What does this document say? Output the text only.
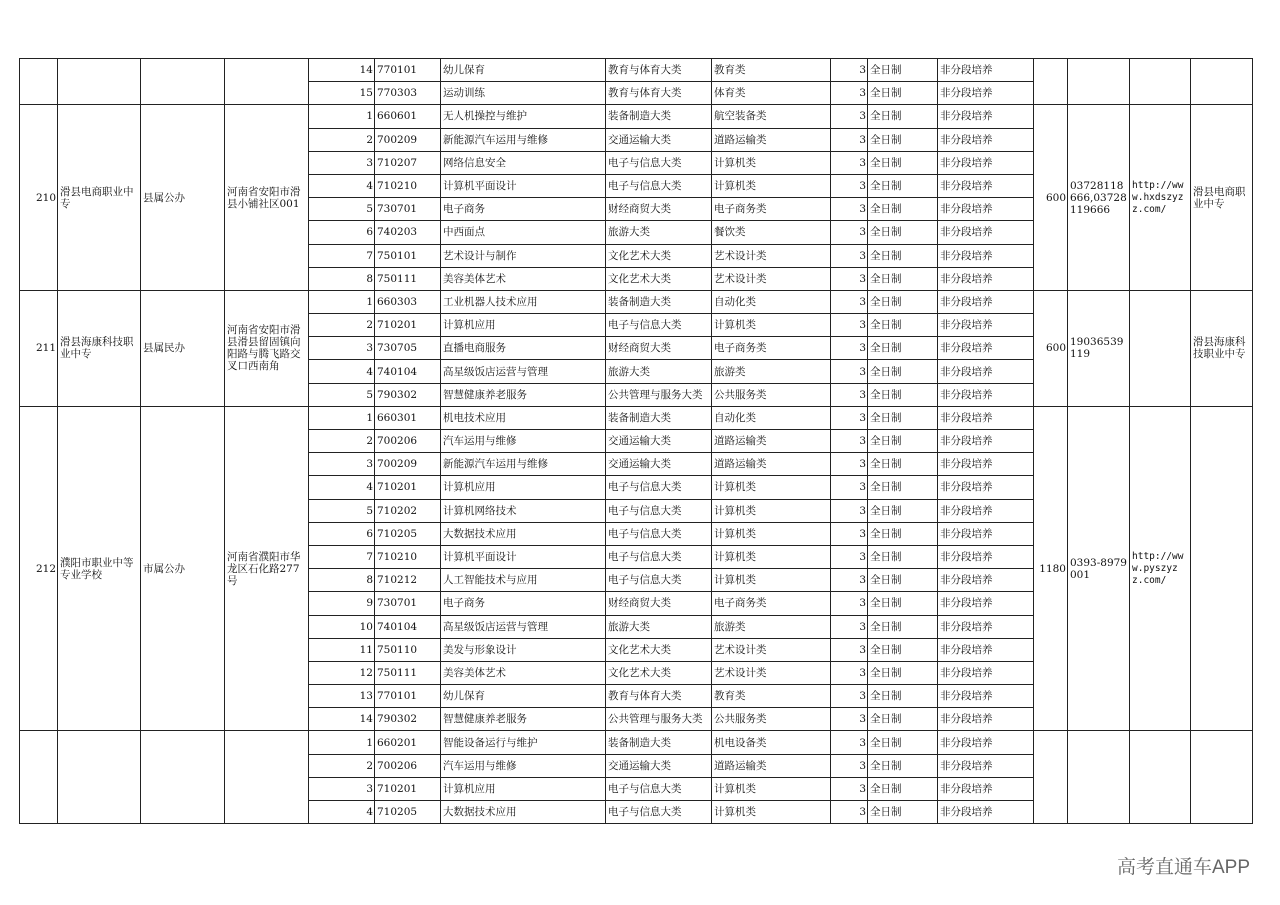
				14	770101	幼儿保育	教育与体育大类	教育类	3	全日制	非分段培养				
				15	770303	运动训练	教育与体育大类	体育类	3	全日制	非分段培养				
210	滑县电商职业中专	县属公办	河南省安阳市滑县小铺社区001	1	660601	无人机操控与维护	装备制造大类	航空装备类	3	全日制	非分段培养	600	03728118666,03728119666	http://www.hxdszyzz.com/	滑县电商职业中专
				2	700209	新能源汽车运用与维修	交通运输大类	道路运输类	3	全日制	非分段培养				
				3	710207	网络信息安全	电子与信息大类	计算机类	3	全日制	非分段培养				
				4	710210	计算机平面设计	电子与信息大类	计算机类	3	全日制	非分段培养				
				5	730701	电子商务	财经商贸大类	电子商务类	3	全日制	非分段培养				
				6	740203	中西面点	旅游大类	餐饮类	3	全日制	非分段培养				
				7	750101	艺术设计与制作	文化艺术大类	艺术设计类	3	全日制	非分段培养				
				8	750111	美容美体艺术	文化艺术大类	艺术设计类	3	全日制	非分段培养				
211	滑县海康科技职业中专	县属民办	河南省安阳市滑县滑县留固镇向阳路与腾飞路交叉口西南角	1	660303	工业机器人技术应用	装备制造大类	自动化类	3	全日制	非分段培养	600	19036539119		滑县海康科技职业中专
				2	710201	计算机应用	电子与信息大类	计算机类	3	全日制	非分段培养				
				3	730705	直播电商服务	财经商贸大类	电子商务类	3	全日制	非分段培养				
				4	740104	高星级饭店运营与管理	旅游大类	旅游类	3	全日制	非分段培养				
				5	790302	智慧健康养老服务	公共管理与服务大类	公共服务类	3	全日制	非分段培养				
212	濮阳市职业中等专业学校	市属公办	河南省濮阳市华龙区石化路277号	1	660301	机电技术应用	装备制造大类	自动化类	3	全日制	非分段培养	1180	0393-8979001	http://www.pyszyzz.com/	
				2	700206	汽车运用与维修	交通运输大类	道路运输类	3	全日制	非分段培养				
				3	700209	新能源汽车运用与维修	交通运输大类	道路运输类	3	全日制	非分段培养				
				4	710201	计算机应用	电子与信息大类	计算机类	3	全日制	非分段培养				
				5	710202	计算机网络技术	电子与信息大类	计算机类	3	全日制	非分段培养				
				6	710205	大数据技术应用	电子与信息大类	计算机类	3	全日制	非分段培养				
				7	710210	计算机平面设计	电子与信息大类	计算机类	3	全日制	非分段培养				
				8	710212	人工智能技术与应用	电子与信息大类	计算机类	3	全日制	非分段培养				
				9	730701	电子商务	财经商贸大类	电子商务类	3	全日制	非分段培养				
				10	740104	高星级饭店运营与管理	旅游大类	旅游类	3	全日制	非分段培养				
				11	750110	美发与形象设计	文化艺术大类	艺术设计类	3	全日制	非分段培养				
				12	750111	美容美体艺术	文化艺术大类	艺术设计类	3	全日制	非分段培养				
				13	770101	幼儿保育	教育与体育大类	教育类	3	全日制	非分段培养				
				14	790302	智慧健康养老服务	公共管理与服务大类	公共服务类	3	全日制	非分段培养				
				1	660201	智能设备运行与维护	装备制造大类	机电设备类	3	全日制	非分段培养				
				2	700206	汽车运用与维修	交通运输大类	道路运输类	3	全日制	非分段培养				
				3	710201	计算机应用	电子与信息大类	计算机类	3	全日制	非分段培养				
				4	710205	大数据技术应用	电子与信息大类	计算机类	3	全日制	非分段培养				
高考直通车APP
